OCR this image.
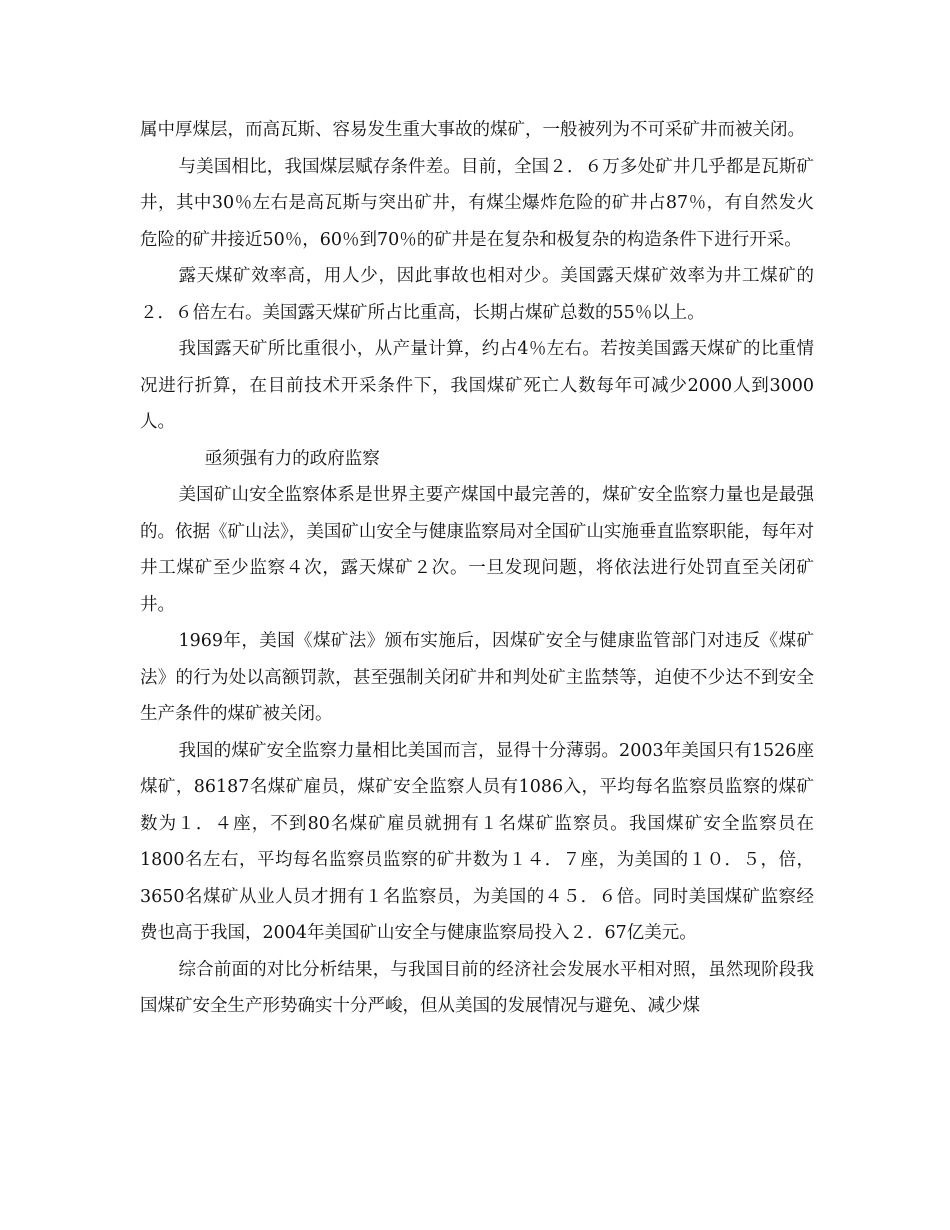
属中厚煤层，而高瓦斯、容易发生重大事故的煤矿，一般被列为不可采矿井而被关闭。

与美国相比，我国煤层赋存条件差。目前，全国２．６万多处矿井几乎都是瓦斯矿井，其中30％左右是高瓦斯与突出矿井，有煤尘爆炸危险的矿井占87％，有自然发火危险的矿井接近50％，60％到70％的矿井是在复杂和极复杂的构造条件下进行开采。

露天煤矿效率高，用人少，因此事故也相对少。美国露天煤矿效率为井工煤矿的２．６倍左右。美国露天煤矿所占比重高，长期占煤矿总数的55％以上。

我国露天矿所比重很小，从产量计算，约占4％左右。若按美国露天煤矿的比重情况进行折算，在目前技术开采条件下，我国煤矿死亡人数每年可减少2000人到3000人。

亟须强有力的政府监察

美国矿山安全监察体系是世界主要产煤国中最完善的，煤矿安全监察力量也是最强的。依据《矿山法》，美国矿山安全与健康监察局对全国矿山实施垂直监察职能，每年对井工煤矿至少监察４次，露天煤矿２次。一旦发现问题，将依法进行处罚直至关闭矿井。

1969年，美国《煤矿法》颁布实施后，因煤矿安全与健康监管部门对违反《煤矿法》的行为处以高额罚款，甚至强制关闭矿井和判处矿主监禁等，迫使不少达不到安全生产条件的煤矿被关闭。

我国的煤矿安全监察力量相比美国而言，显得十分薄弱。2003年美国只有1526座煤矿，86187名煤矿雇员，煤矿安全监察人员有1086入，平均每名监察员监察的煤矿数为１．４座，不到80名煤矿雇员就拥有１名煤矿监察员。我国煤矿安全监察员在1800名左右，平均每名监察员监察的矿井数为１４．７座，为美国的１０．５，倍，3650名煤矿从业人员才拥有１名监察员，为美国的４５．６倍。同时美国煤矿监察经费也高于我国，2004年美国矿山安全与健康监察局投入２．67亿美元。

综合前面的对比分析结果，与我国目前的经济社会发展水平相对照，虽然现阶段我国煤矿安全生产形势确实十分严峻，但从美国的发展情况与避免、减少煤
